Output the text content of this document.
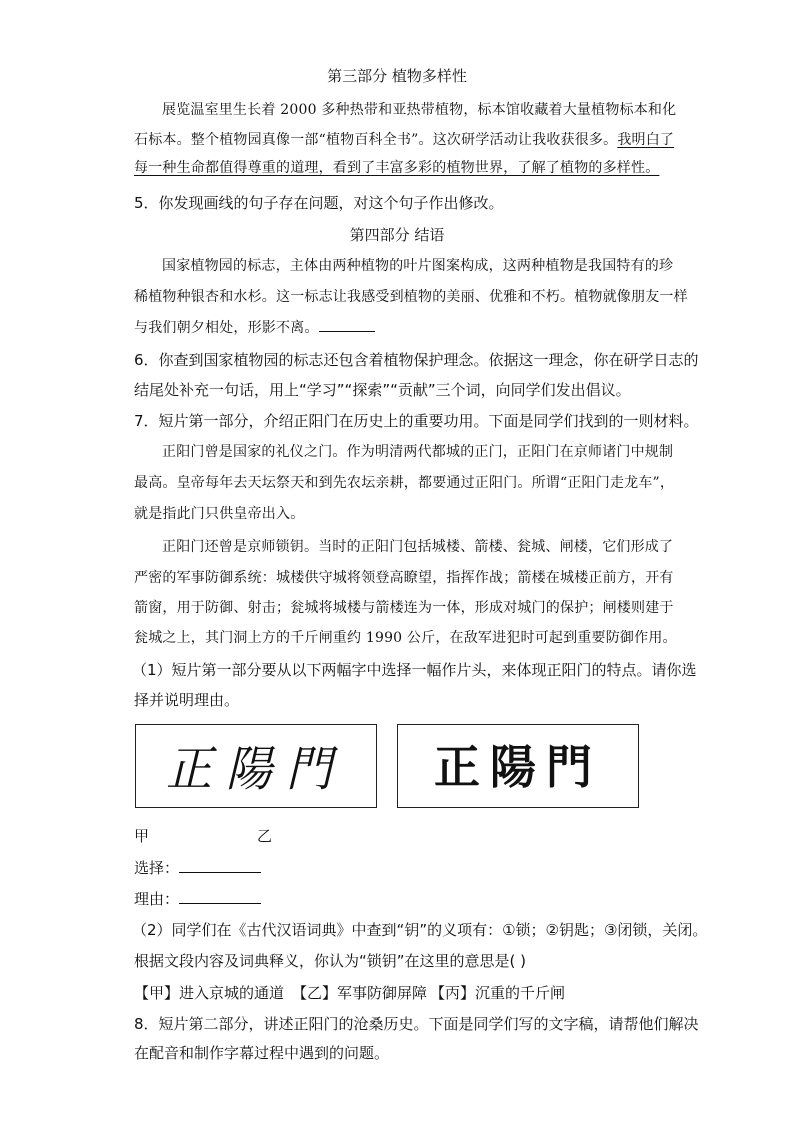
第三部分 植物多样性
展览温室里生长着 2000 多种热带和亚热带植物，标本馆收藏着大量植物标本和化
石标本。整个植物园真像一部“植物百科全书”。这次研学活动让我收获很多。我明白了
每一种生命都值得尊重的道理，看到了丰富多彩的植物世界，了解了植物的多样性。
5．你发现画线的句子存在问题，对这个句子作出修改。
第四部分 结语
国家植物园的标志，主体由两种植物的叶片图案构成，这两种植物是我国特有的珍
稀植物种银杏和水杉。这一标志让我感受到植物的美丽、优雅和不朽。植物就像朋友一样
与我们朝夕相处，形影不离。
6．你查到国家植物园的标志还包含着植物保护理念。依据这一理念，你在研学日志的
结尾处补充一句话，用上“学习”“探索”“贡献”三个词，向同学们发出倡议。
7．短片第一部分，介绍正阳门在历史上的重要功用。下面是同学们找到的一则材料。
正阳门曾是国家的礼仪之门。作为明清两代都城的正门，正阳门在京师诸门中规制
最高。皇帝每年去天坛祭天和到先农坛亲耕，都要通过正阳门。所谓“正阳门走龙车”，
就是指此门只供皇帝出入。
正阳门还曾是京师锁钥。当时的正阳门包括城楼、箭楼、瓮城、闸楼，它们形成了
严密的军事防御系统：城楼供守城将领登高瞭望，指挥作战；箭楼在城楼正前方，开有
箭窗，用于防御、射击；瓮城将城楼与箭楼连为一体，形成对城门的保护；闸楼则建于
瓮城之上，其门洞上方的千斤闸重约 1990 公斤，在敌军进犯时可起到重要防御作用。
（1）短片第一部分要从以下两幅字中选择一幅作片头，来体现正阳门的特点。请你选
择并说明理由。
正陽門 正陽門
甲	乙
选择：
理由：
（2）同学们在《古代汉语词典》中查到“钥”的义项有：①锁；②钥匙；③闭锁，关闭。
根据文段内容及词典释义，你认为“锁钥”在这里的意思是( )
【甲】进入京城的通道 【乙】军事防御屏障 【丙】沉重的千斤闸
8．短片第二部分，讲述正阳门的沧桑历史。下面是同学们写的文字稿，请帮他们解决
在配音和制作字幕过程中遇到的问题。
